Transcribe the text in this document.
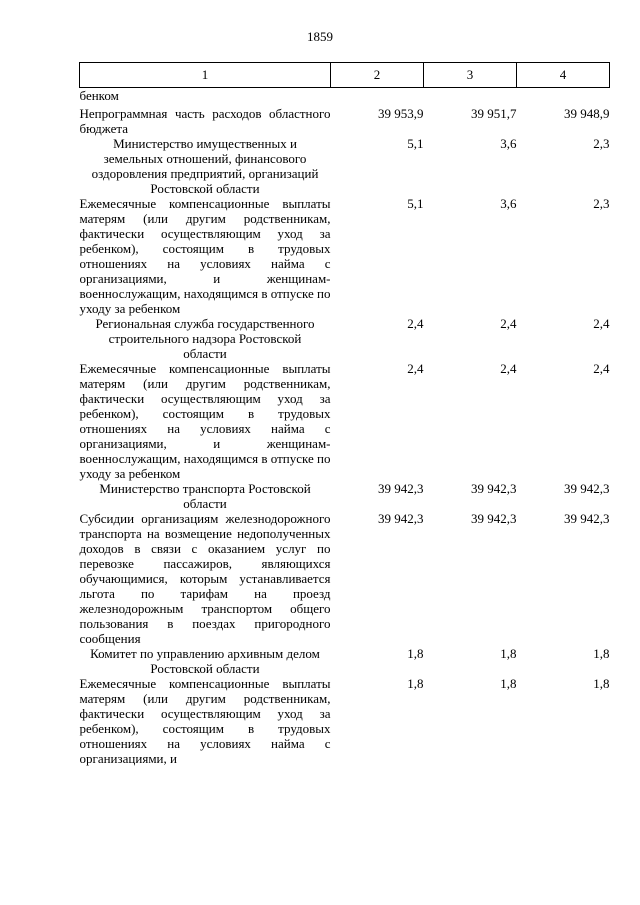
1859
1	2	3	4
бенком			
Непрограммная часть расходов областного бюджета	39 953,9	39 951,7	39 948,9
Министерство имущественных и земельных отношений, финансового оздоровления предприятий, организаций Ростовской области	5,1	3,6	2,3
Ежемесячные компенсационные выплаты матерям (или другим родственникам, фактически осуществляющим уход за ребенком), состоящим в трудовых отношениях на условиях найма с организациями, и женщинам-военнослужащим, находящимся в отпуске по уходу за ребенком	5,1	3,6	2,3
Региональная служба государственного строительного надзора Ростовской области	2,4	2,4	2,4
Ежемесячные компенсационные выплаты матерям (или другим родственникам, фактически осуществляющим уход за ребенком), состоящим в трудовых отношениях на условиях найма с организациями, и женщинам-военнослужащим, находящимся в отпуске по уходу за ребенком	2,4	2,4	2,4
Министерство транспорта Ростовской области	39 942,3	39 942,3	39 942,3
Субсидии организациям железнодорожного транспорта на возмещение недополученных доходов в связи с оказанием услуг по перевозке пассажиров, являющихся обучающимися, которым устанавливается льгота по тарифам на проезд железнодорожным транспортом общего пользования в поездах пригородного сообщения	39 942,3	39 942,3	39 942,3
Комитет по управлению архивным делом Ростовской области	1,8	1,8	1,8
Ежемесячные компенсационные выплаты матерям (или другим родственникам, фактически осуществляющим уход за ребенком), состоящим в трудовых отношениях на условиях найма с организациями, и	1,8	1,8	1,8
